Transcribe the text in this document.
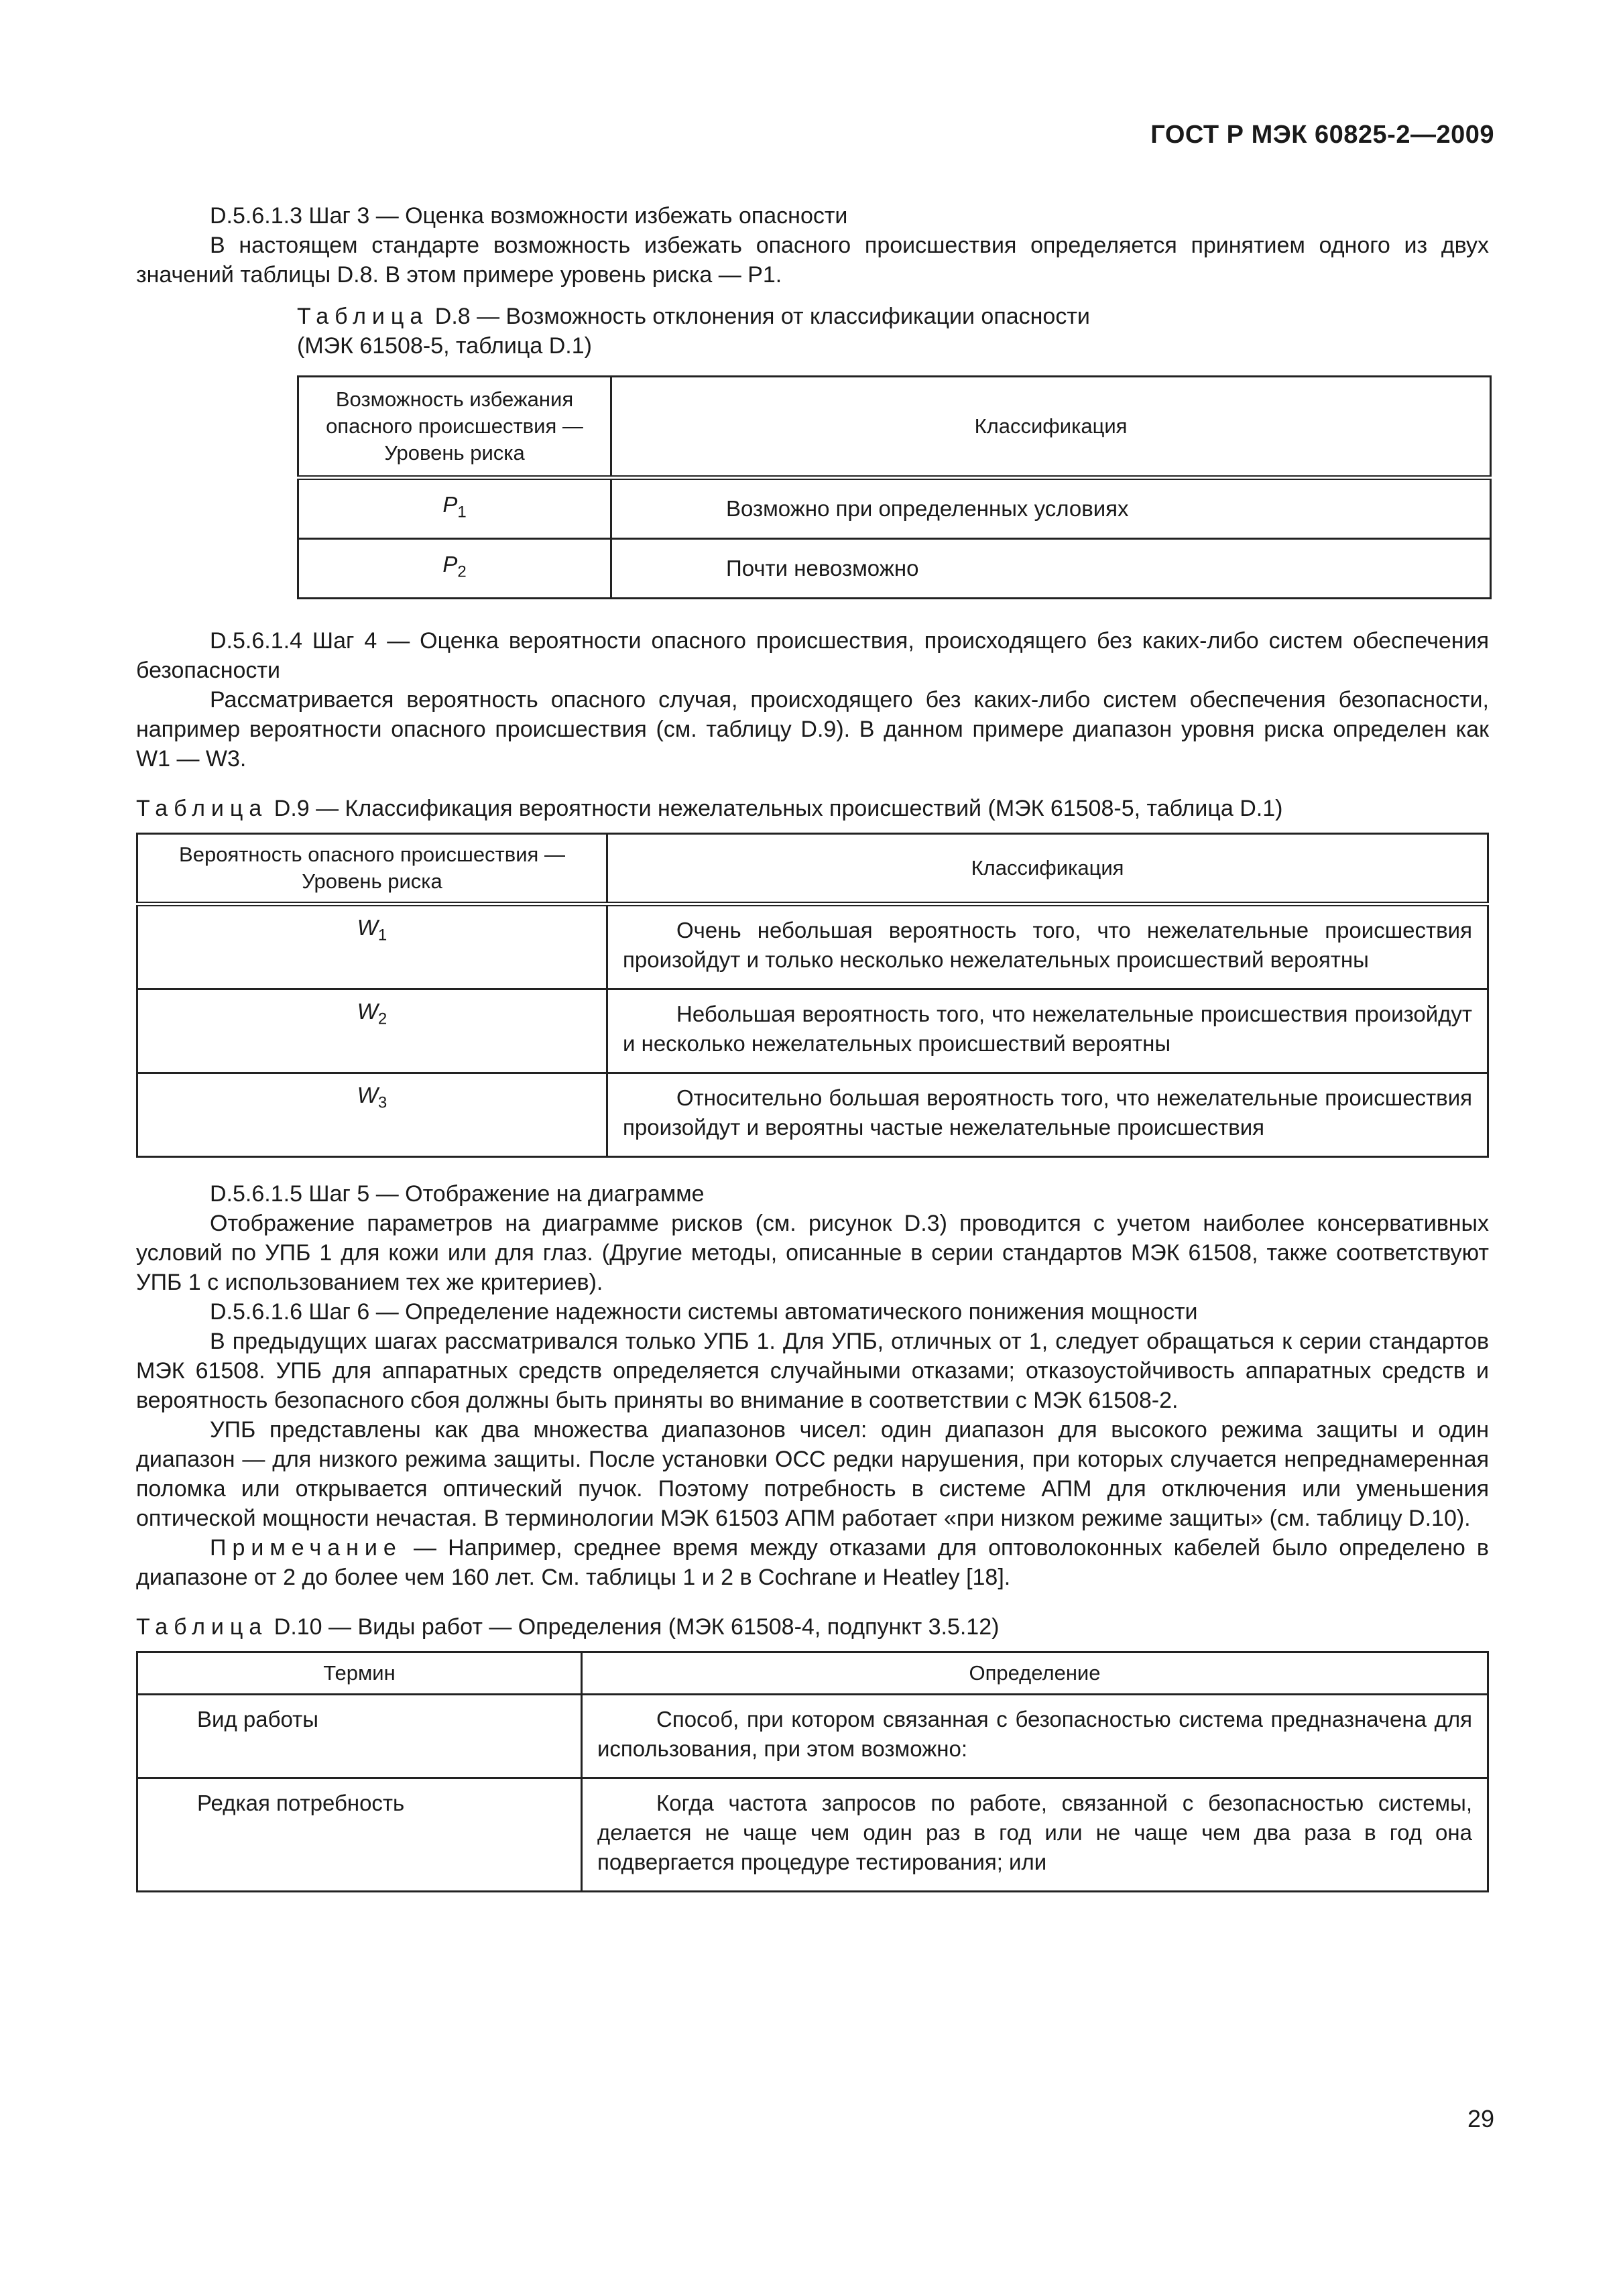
ГОСТ Р МЭК 60825-2—2009

D.5.6.1.3 Шаг 3 — Оценка возможности избежать опасности

В настоящем стандарте возможность избежать опасного происшествия определяется принятием одного из двух значений таблицы D.8. В этом примере уровень риска — P1.

Таблица D.8 — Возможность отклонения от классификации опасности
(МЭК 61508-5, таблица D.1)
Возможность избежания опасного происшествия — Уровень риска	Классификация
$P_1$	Возможно при определенных условиях
$P_2$	Почти невозможно

D.5.6.1.4 Шаг 4 — Оценка вероятности опасного происшествия, происходящего без каких-либо систем обеспечения безопасности

Рассматривается вероятность опасного случая, происходящего без каких-либо систем обеспечения безопасности, например вероятности опасного происшествия (см. таблицу D.9). В данном примере диапазон уровня риска определен как W1 — W3.

Таблица D.9 — Классификация вероятности нежелательных происшествий (МЭК 61508-5, таблица D.1)
Вероятность опасного происшествия — Уровень риска	Классификация
$W_1$	Очень небольшая вероятность того, что нежелательные происшествия произойдут и только несколько нежелательных происшествий вероятны
$W_2$	Небольшая вероятность того, что нежелательные происшествия произойдут и несколько нежелательных происшествий вероятны
$W_3$	Относительно большая вероятность того, что нежелательные происшествия произойдут и вероятны частые нежелательные происшествия

D.5.6.1.5 Шаг 5 — Отображение на диаграмме

Отображение параметров на диаграмме рисков (см. рисунок D.3) проводится с учетом наиболее консервативных условий по УПБ 1 для кожи или для глаз. (Другие методы, описанные в серии стандартов МЭК 61508, также соответствуют УПБ 1 с использованием тех же критериев).

D.5.6.1.6 Шаг 6 — Определение надежности системы автоматического понижения мощности

В предыдущих шагах рассматривался только УПБ 1. Для УПБ, отличных от 1, следует обращаться к серии стандартов МЭК 61508. УПБ для аппаратных средств определяется случайными отказами; отказоустойчивость аппаратных средств и вероятность безопасного сбоя должны быть приняты во внимание в соответствии с МЭК 61508-2.

УПБ представлены как два множества диапазонов чисел: один диапазон для высокого режима защиты и один диапазон — для низкого режима защиты. После установки ОСС редки нарушения, при которых случается непреднамеренная поломка или открывается оптический пучок. Поэтому потребность в системе АПМ для отключения или уменьшения оптической мощности нечастая. В терминологии МЭК 61503 АПМ работает «при низком режиме защиты» (см. таблицу D.10).

Примечание — Например, среднее время между отказами для оптоволоконных кабелей было определено в диапазоне от 2 до более чем 160 лет. См. таблицы 1 и 2 в Cochrane и Heatley [18].

Таблица D.10 — Виды работ — Определения (МЭК 61508-4, подпункт 3.5.12)
Термин	Определение
Вид работы	Способ, при котором связанная с безопасностью система предназначена для использования, при этом возможно:
Редкая потребность	Когда частота запросов по работе, связанной с безопасностью системы, делается не чаще чем один раз в год или не чаще чем два раза в год она подвергается процедуре тестирования; или
29
